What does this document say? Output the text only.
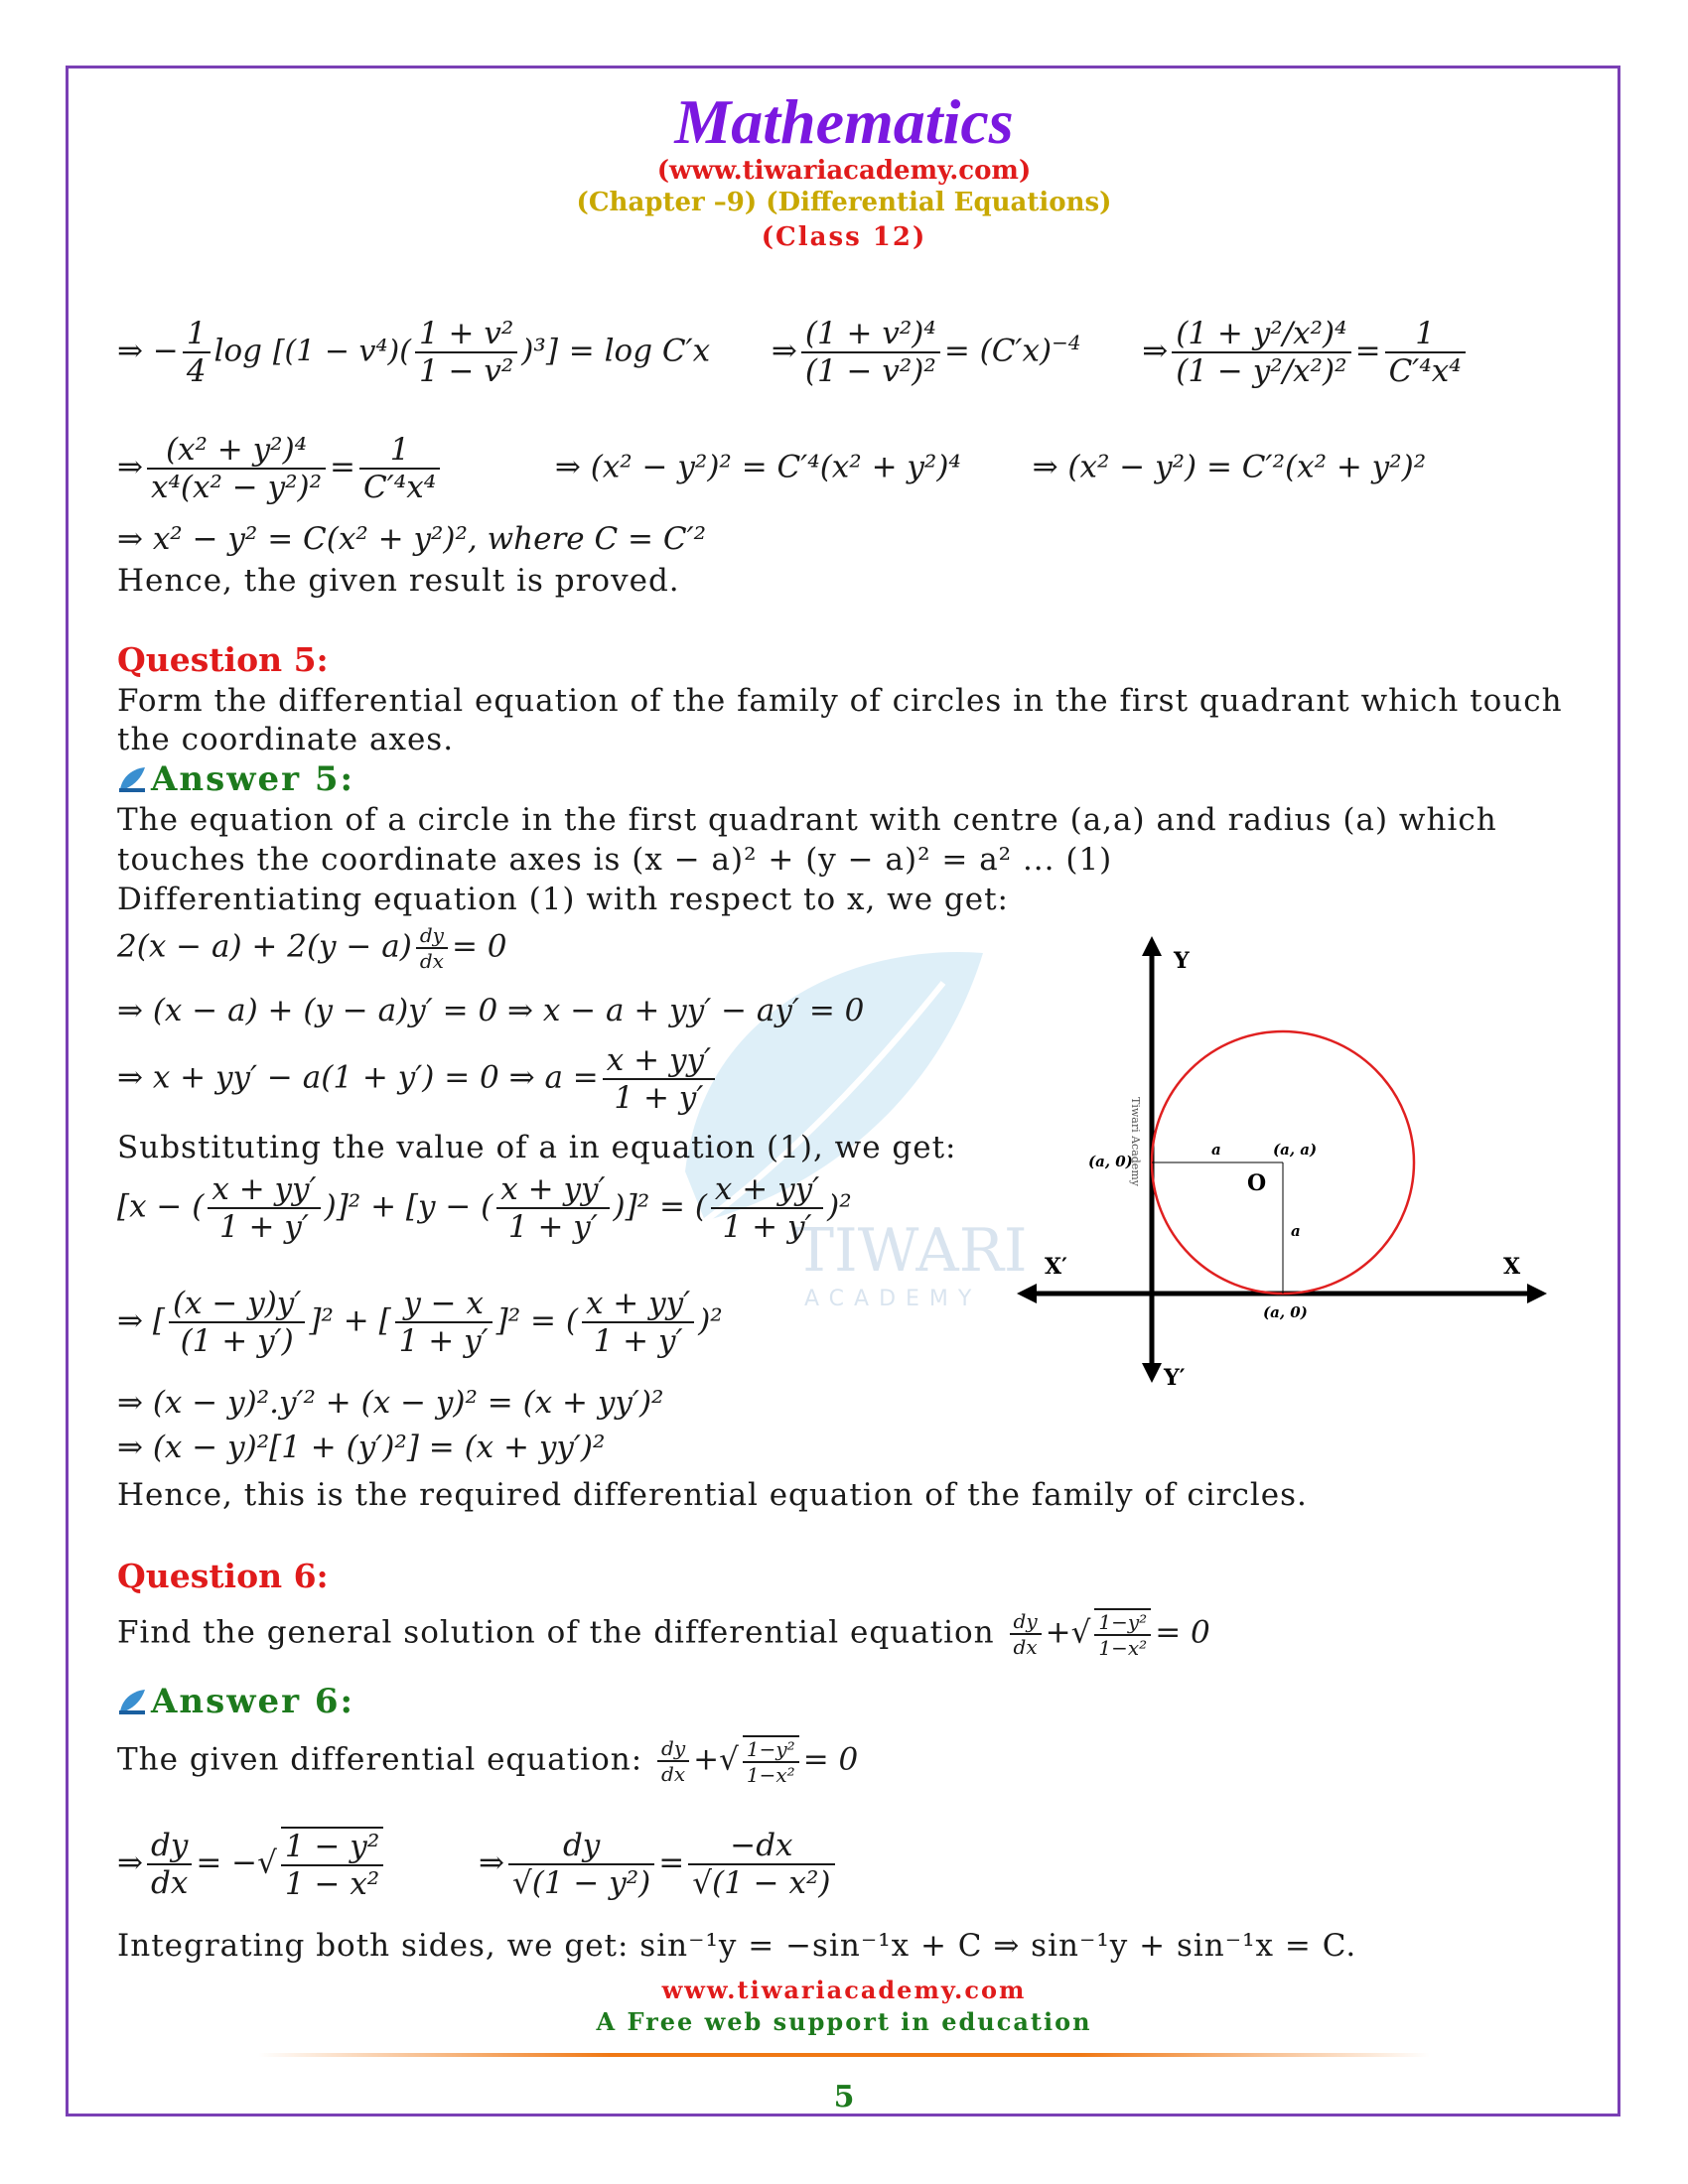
Mathematics
(www.tiwariacademy.com)
(Chapter –9) (Differential Equations)
(Class 12)
TIWARI
ACADEMY
⇒ − $\frac{1}{4}$ $\log [(1 - v^4)( \frac{\text{1 + v²}}{\text{1 − v²}} )^3] = \log C'x$ ⇒ $\frac{\text{(1 + v²)⁴}}{\text{(1 − v²)²}} = (C'x)^{-4}$ ⇒ $\frac{\text{(1 + y²/x²)⁴}}{\text{(1 − y²/x²)²}} = \frac{1}{\text{C′⁴x⁴}}$
⇒ $\frac{\text{(x² + y²)⁴}}{\text{x⁴(x² − y²)²}} = \frac{1}{\text{C′⁴x⁴}}$	⇒ (x² − y²)² = C′⁴(x² + y²)⁴ ⇒ (x² − y²) = C′²(x² + y²)²
⇒ x² − y² = C(x² + y²)², where C = C′²
Hence, the given result is proved.
Question 5:
Form the differential equation of the family of circles in the first quadrant which touch
the coordinate axes.
Answer 5:
The equation of a circle in the first quadrant with centre (a,a) and radius (a) which
touches the coordinate axes is (x − a)² + (y − a)² = a² ... (1)
Differentiating equation (1) with respect to x, we get:
$2(x - a) + 2(y - a) \frac{dy}{dx} = 0$
⇒ (x − a) + (y − a)y′ = 0 ⇒ x − a + yy′ − ay′ = 0
⇒ x + yy′ − a(1 + y′) = 0 ⇒ $a = \frac{x + yy'}{1 + y'}$
Substituting the value of a in equation (1), we get:
[x − ( $\frac{x + yy'}{1 + y'} )]^2 + [y$ − ( $\frac{x + yy'}{1 + y'} )]^2$ = ( $\frac{x + yy'}{1 + y'} )^2$
⇒ [ $\frac{(x - y)y'}{(1 + y')} ]^2$ + [ $\frac{y - x}{1 + y'} ]^2$ = ( $\frac{x + yy'}{1 + y'} )^2$
⇒ (x − y)².y′² + (x − y)² = (x + yy′)²
⇒ (x − y)²[1 + (y′)²] = (x + yy′)²
Hence, this is the required differential equation of the family of circles.
Y
Y′
X
X′
(a, 0)
(a, a)
O
a
a
(a, 0)
Tiwari Academy
Question 6:
Find the general solution of the differential equation $\frac{dy}{dx}$ +√ $\frac{\text{1−y²}}{\text{1−x²}} = 0$
Answer 6:
The given differential equation: $\frac{dy}{dx}$ +√ $\frac{\text{1−y²}}{\text{1−x²}} = 0$
⇒ $\frac{dy}{dx}$ = −√ $\frac{\text{1 − y²}}{\text{1 − x²}}$	⇒ $\frac{dy}{\text{√(1 − y²)}} = \frac{-dx}{\text{√(1 − x²)}}$
Integrating both sides, we get: sin⁻¹y = −sin⁻¹x + C ⇒ sin⁻¹y + sin⁻¹x = C.
www.tiwariacademy.com
A Free web support in education
5
